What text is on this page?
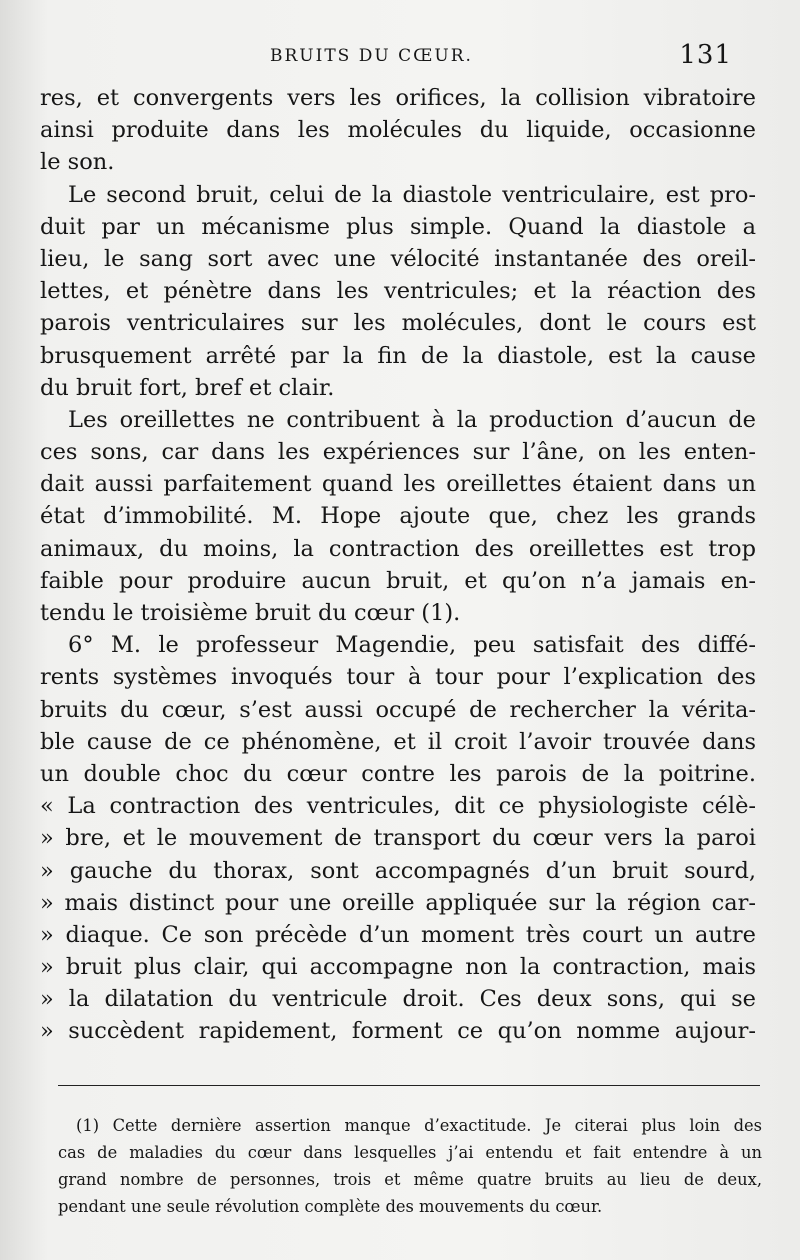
BRUITS DU CŒUR.	131
res, et convergents vers les orifices, la collision vibratoire
ainsi produite dans les molécules du liquide, occasionne
le son.
Le second bruit, celui de la diastole ventriculaire, est pro-
duit par un mécanisme plus simple. Quand la diastole a
lieu, le sang sort avec une vélocité instantanée des oreil-
lettes, et pénètre dans les ventricules; et la réaction des
parois ventriculaires sur les molécules, dont le cours est
brusquement arrêté par la fin de la diastole, est la cause
du bruit fort, bref et clair.
Les oreillettes ne contribuent à la production d’aucun de
ces sons, car dans les expériences sur l’âne, on les enten-
dait aussi parfaitement quand les oreillettes étaient dans un
état d’immobilité. M. Hope ajoute que, chez les grands
animaux, du moins, la contraction des oreillettes est trop
faible pour produire aucun bruit, et qu’on n’a jamais en-
tendu le troisième bruit du cœur (1).
6° M. le professeur Magendie, peu satisfait des diffé-
rents systèmes invoqués tour à tour pour l’explication des
bruits du cœur, s’est aussi occupé de rechercher la vérita-
ble cause de ce phénomène, et il croit l’avoir trouvée dans
un double choc du cœur contre les parois de la poitrine.
« La contraction des ventricules, dit ce physiologiste célè-
» bre, et le mouvement de transport du cœur vers la paroi
» gauche du thorax, sont accompagnés d’un bruit sourd,
» mais distinct pour une oreille appliquée sur la région car-
» diaque. Ce son précède d’un moment très court un autre
» bruit plus clair, qui accompagne non la contraction, mais
» la dilatation du ventricule droit. Ces deux sons, qui se
» succèdent rapidement, forment ce qu’on nomme aujour-
(1) Cette dernière assertion manque d’exactitude. Je citerai plus loin des
cas de maladies du cœur dans lesquelles j’ai entendu et fait entendre à un
grand nombre de personnes, trois et même quatre bruits au lieu de deux,
pendant une seule révolution complète des mouvements du cœur.
